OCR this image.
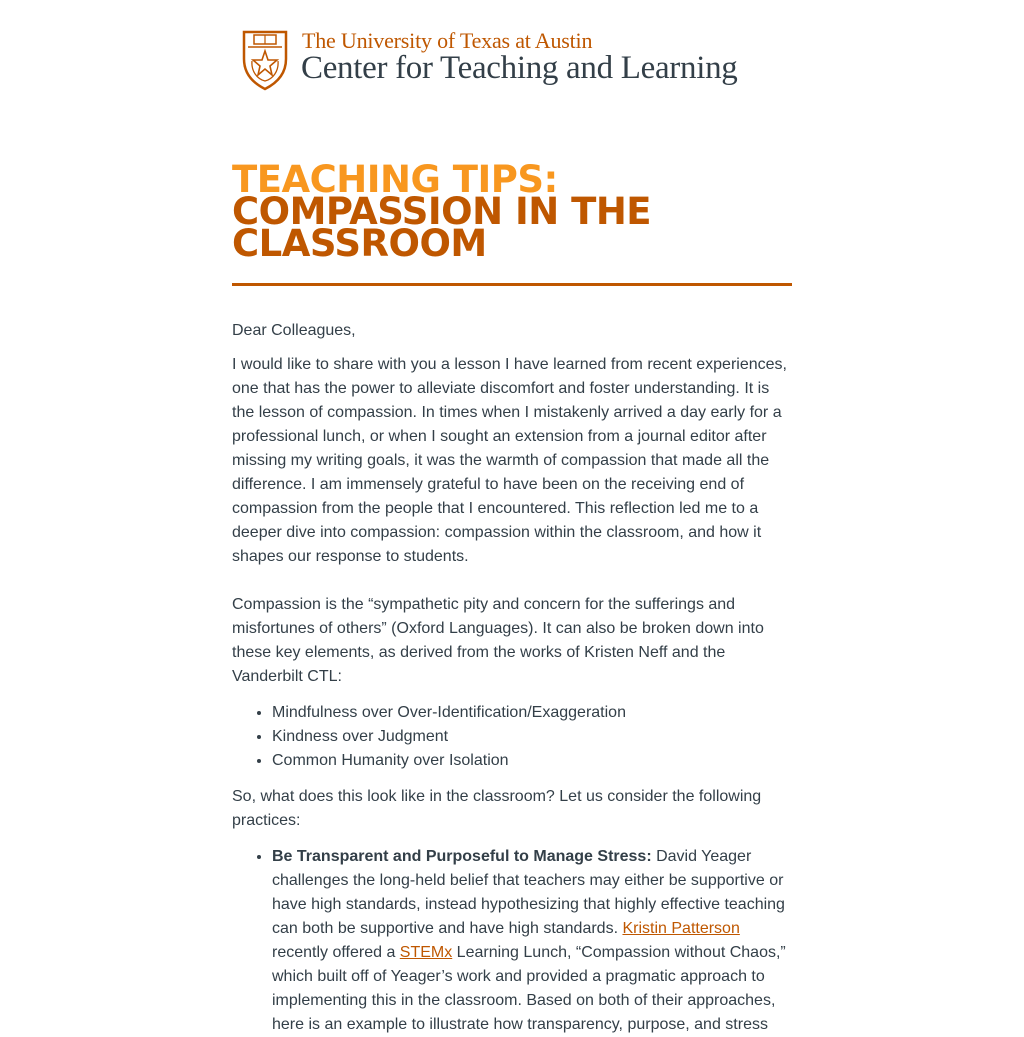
The University of Texas at Austin
Center for Teaching and Learning
TEACHING TIPS:
COMPASSION IN THE
CLASSROOM

Dear Colleagues,

I would like to share with you a lesson I have learned from recent experiences, one that has the power to alleviate discomfort and foster understanding. It is the lesson of compassion. In times when I mistakenly arrived a day early for a professional lunch, or when I sought an extension from a journal editor after missing my writing goals, it was the warmth of compassion that made all the difference. I am immensely grateful to have been on the receiving end of compassion from the people that I encountered. This reflection led me to a deeper dive into compassion: compassion within the classroom, and how it shapes our response to students.

Compassion is the “sympathetic pity and concern for the sufferings and misfortunes of others” (Oxford Languages). It can also be broken down into these key elements, as derived from the works of Kristen Neff and the Vanderbilt CTL:

• Mindfulness over Over-Identification/Exaggeration
• Kindness over Judgment
• Common Humanity over Isolation

So, what does this look like in the classroom? Let us consider the following practices:

• Be Transparent and Purposeful to Manage Stress: David Yeager challenges the long-held belief that teachers may either be supportive or have high standards, instead hypothesizing that highly effective teaching can both be supportive and have high standards. Kristin Patterson recently offered a STEMx Learning Lunch, “Compassion without Chaos,” which built off of Yeager’s work and provided a pragmatic approach to implementing this in the classroom. Based on both of their approaches, here is an example to illustrate how transparency, purpose, and stress
